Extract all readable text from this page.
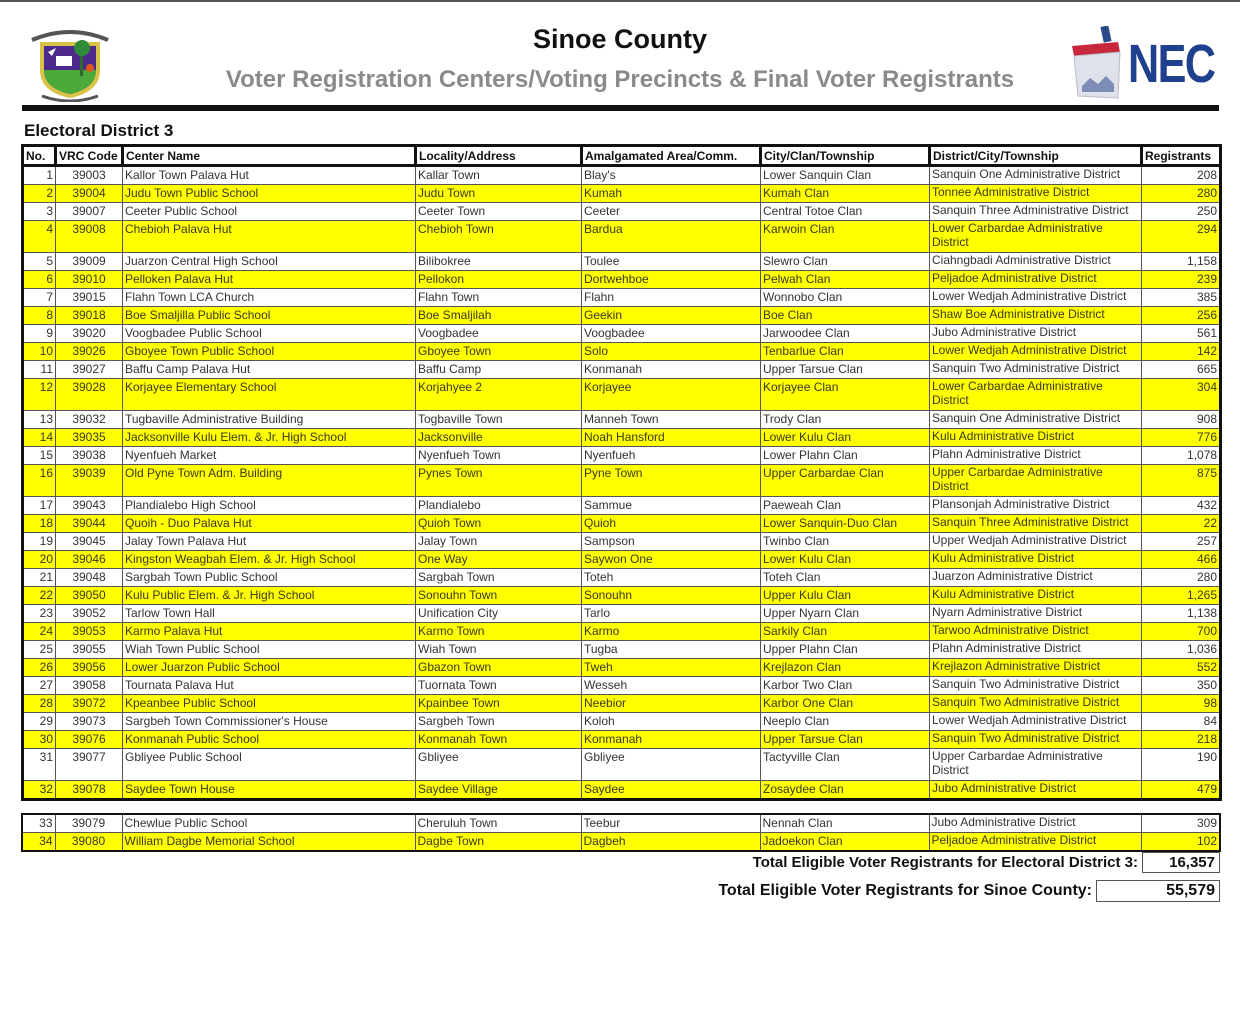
Sinoe County
Voter Registration Centers/Voting Precincts & Final Voter Registrants	NEC
Electoral District 3
No.	VRC Code	Center Name	Locality/Address	Amalgamated Area/Comm.	City/Clan/Township	District/City/Township	Registrants
1	39003	Kallor Town Palava Hut	Kallar Town	Blay's	Lower Sanquin Clan	Sanquin One Administrative District	208
2	39004	Judu Town Public School	Judu Town	Kumah	Kumah Clan	Tonnee Administrative District	280
3	39007	Ceeter Public School	Ceeter Town	Ceeter	Central Totoe Clan	Sanquin Three Administrative District	250
4	39008	Chebioh Palava Hut	Chebioh Town	Bardua	Karwoin Clan	Lower Carbardae Administrative District	294
5	39009	Juarzon Central High School	Bilibokree	Toulee	Slewro Clan	Ciahngbadi Administrative District	1,158
6	39010	Pelloken Palava Hut	Pellokon	Dortwehboe	Pelwah Clan	Peljadoe Administrative District	239
7	39015	Flahn Town LCA Church	Flahn Town	Flahn	Wonnobo Clan	Lower Wedjah Administrative District	385
8	39018	Boe Smaljilla Public School	Boe Smaljilah	Geekin	Boe Clan	Shaw Boe Administrative District	256
9	39020	Voogbadee Public School	Voogbadee	Voogbadee	Jarwoodee Clan	Jubo Administrative District	561
10	39026	Gboyee Town Public School	Gboyee Town	Solo	Tenbarlue Clan	Lower Wedjah Administrative District	142
11	39027	Baffu Camp Palava Hut	Baffu Camp	Konmanah	Upper Tarsue Clan	Sanquin Two Administrative District	665
12	39028	Korjayee Elementary School	Korjahyee 2	Korjayee	Korjayee Clan	Lower Carbardae Administrative District	304
13	39032	Tugbaville Administrative Building	Togbaville Town	Manneh Town	Trody Clan	Sanquin One Administrative District	908
14	39035	Jacksonville Kulu Elem. & Jr. High School	Jacksonville	Noah Hansford	Lower Kulu Clan	Kulu Administrative District	776
15	39038	Nyenfueh Market	Nyenfueh Town	Nyenfueh	Lower Plahn Clan	Plahn Administrative District	1,078
16	39039	Old Pyne Town Adm. Building	Pynes Town	Pyne Town	Upper Carbardae Clan	Upper Carbardae Administrative District	875
17	39043	Plandialebo High School	Plandialebo	Sammue	Paeweah Clan	Plansonjah Administrative District	432
18	39044	Quoih - Duo Palava Hut	Quioh Town	Quioh	Lower Sanquin-Duo Clan	Sanquin Three Administrative District	22
19	39045	Jalay Town Palava Hut	Jalay Town	Sampson	Twinbo Clan	Upper Wedjah Administrative District	257
20	39046	Kingston Weagbah Elem. & Jr. High School	One Way	Saywon One	Lower Kulu Clan	Kulu Administrative District	466
21	39048	Sargbah Town Public School	Sargbah Town	Toteh	Toteh Clan	Juarzon Administrative District	280
22	39050	Kulu Public Elem. & Jr. High School	Sonouhn Town	Sonouhn	Upper Kulu Clan	Kulu Administrative District	1,265
23	39052	Tarlow Town Hall	Unification City	Tarlo	Upper Nyarn Clan	Nyarn Administrative District	1,138
24	39053	Karmo Palava Hut	Karmo Town	Karmo	Sarkily Clan	Tarwoo Administrative District	700
25	39055	Wiah Town Public School	Wiah Town	Tugba	Upper Plahn Clan	Plahn Administrative District	1,036
26	39056	Lower Juarzon Public School	Gbazon Town	Tweh	Krejlazon Clan	Krejlazon Administrative District	552
27	39058	Tournata Palava Hut	Tuornata Town	Wesseh	Karbor Two Clan	Sanquin Two Administrative District	350
28	39072	Kpeanbee Public School	Kpainbee Town	Neebior	Karbor One Clan	Sanquin Two Administrative District	98
29	39073	Sargbeh Town Commissioner's House	Sargbeh Town	Koloh	Neeplo Clan	Lower Wedjah Administrative District	84
30	39076	Konmanah Public School	Konmanah Town	Konmanah	Upper Tarsue Clan	Sanquin Two Administrative District	218
31	39077	Gbliyee Public School	Gbliyee	Gbliyee	Tactyville Clan	Upper Carbardae Administrative District	190
32	39078	Saydee Town House	Saydee Village	Saydee	Zosaydee Clan	Jubo Administrative District	479
33	39079	Chewlue Public School	Cheruluh Town	Teebur	Nennah Clan	Jubo Administrative District	309
34	39080	William Dagbe Memorial School	Dagbe Town	Dagbeh	Jadoekon Clan	Peljadoe Administrative District	102
Total Eligible Voter Registrants for Electoral District 3:	16,357
Total Eligible Voter Registrants for Sinoe County:	55,579
